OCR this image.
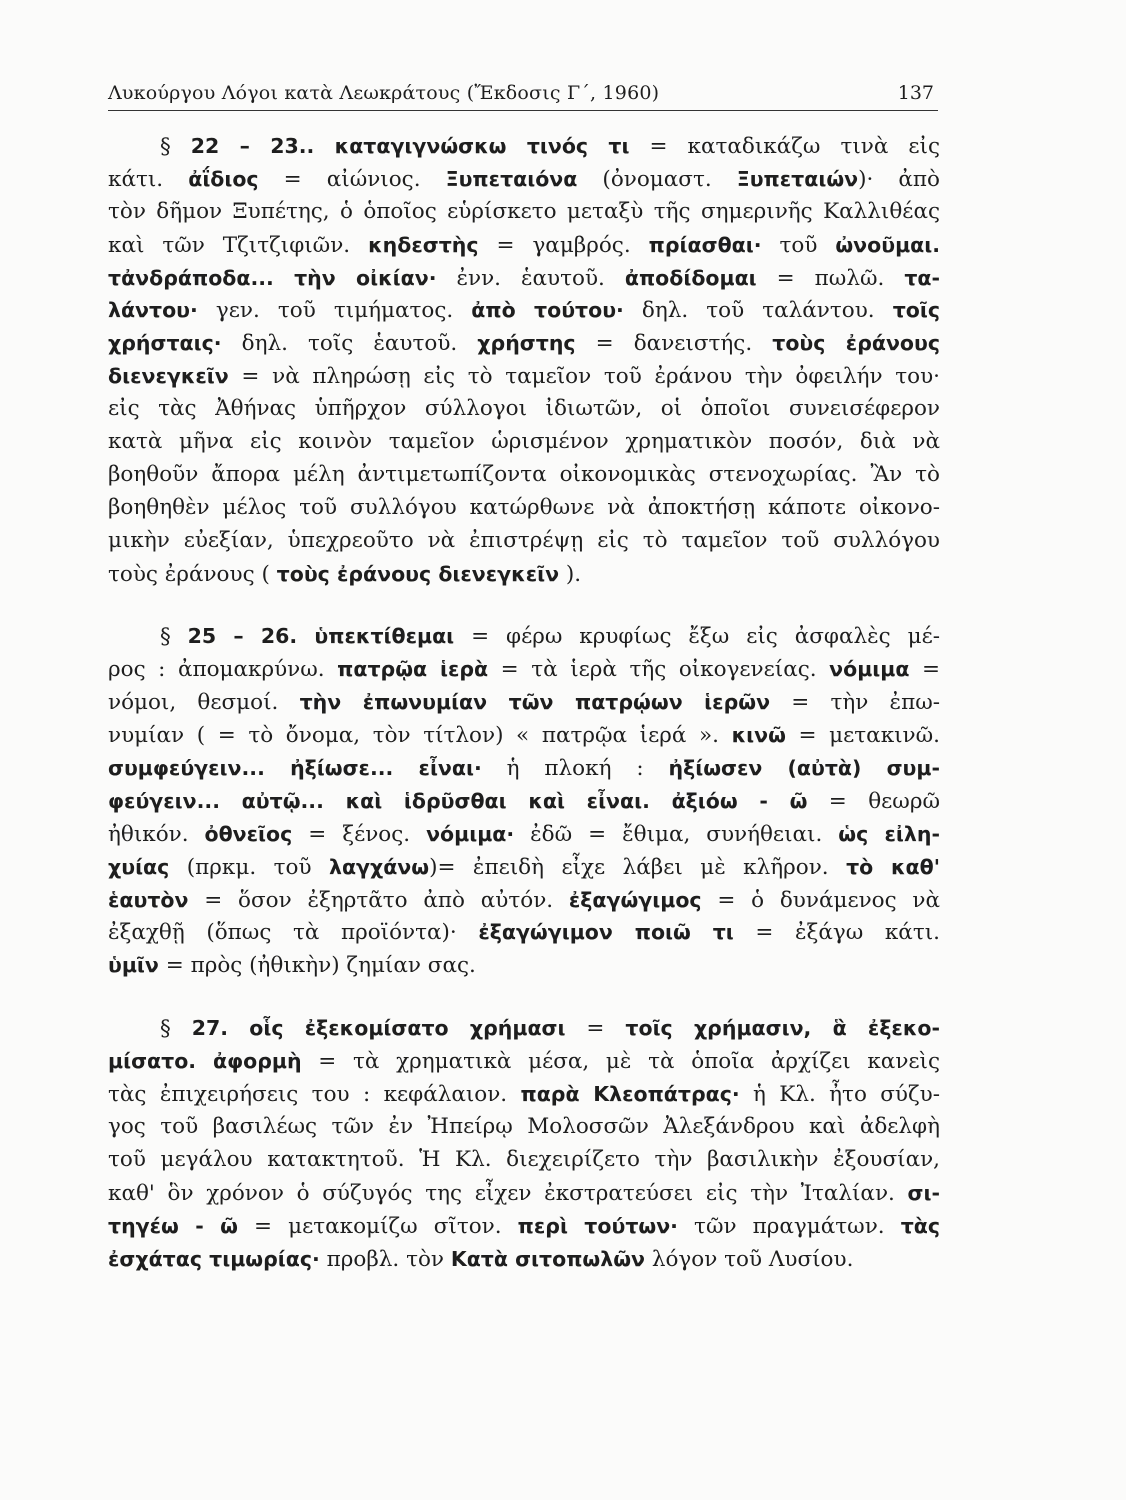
Λυκούργου Λόγοι κατὰ Λεωκράτους (Ἔκδοσις Γ΄, 1960)	137
§ 22 – 23.. καταγιγνώσκω τινός τι = καταδικάζω τινὰ εἰς
κάτι. ἀΐδιος = αἰώνιος. Ξυπεταιόνα (ὀνομαστ. Ξυπεταιών)· ἀπὸ
τὸν δῆμον Ξυπέτης, ὁ ὁποῖος εὑρίσκετο μεταξὺ τῆς σημερινῆς Καλλιθέας
καὶ τῶν Τζιτζιφιῶν. κηδεστὴς = γαμβρός. πρίασθαι· τοῦ ὠνοῦμαι.
τἀνδράποδα... τὴν οἰκίαν· ἐνν. ἑαυτοῦ. ἀποδίδομαι = πωλῶ. τα-
λάντου· γεν. τοῦ τιμήματος. ἀπὸ τούτου· δηλ. τοῦ ταλάντου. τοῖς
χρήσταις· δηλ. τοῖς ἑαυτοῦ. χρήστης = δανειστής. τοὺς ἐράνους
διενεγκεῖν = νὰ πληρώσῃ εἰς τὸ ταμεῖον τοῦ ἐράνου τὴν ὀφειλήν του·
εἰς τὰς Ἀθήνας ὑπῆρχον σύλλογοι ἰδιωτῶν, οἱ ὁποῖοι συνεισέφερον
κατὰ μῆνα εἰς κοινὸν ταμεῖον ὡρισμένον χρηματικὸν ποσόν, διὰ νὰ
βοηθοῦν ἄπορα μέλη ἀντιμετωπίζοντα οἰκονομικὰς στενοχωρίας. Ἂν τὸ
βοηθηθὲν μέλος τοῦ συλλόγου κατώρθωνε νὰ ἀποκτήσῃ κάποτε οἰκονο-
μικὴν εὐεξίαν, ὑπεχρεοῦτο νὰ ἐπιστρέψῃ εἰς τὸ ταμεῖον τοῦ συλλόγου
τοὺς ἐράνους ( τοὺς ἐράνους διενεγκεῖν ).
§ 25 – 26. ὑπεκτίθεμαι = φέρω κρυφίως ἔξω εἰς ἀσφαλὲς μέ-
ρος : ἀπομακρύνω. πατρῷα ἱερὰ = τὰ ἱερὰ τῆς οἰκογενείας. νόμιμα =
νόμοι, θεσμοί. τὴν ἐπωνυμίαν τῶν πατρῴων ἱερῶν = τὴν ἐπω-
νυμίαν ( = τὸ ὄνομα, τὸν τίτλον) « πατρῷα ἱερά ». κινῶ = μετακινῶ.
συμφεύγειν... ἠξίωσε... εἶναι· ἡ πλοκή : ἠξίωσεν (αὐτὰ) συμ-
φεύγειν... αὐτῷ... καὶ ἱδρῦσθαι καὶ εἶναι. ἀξιόω - ῶ = θεωρῶ
ἠθικόν. ὀθνεῖος = ξένος. νόμιμα· ἐδῶ = ἔθιμα, συνήθειαι. ὡς εἰλη-
χυίας (πρκμ. τοῦ λαγχάνω)= ἐπειδὴ εἶχε λάβει μὲ κλῆρον. τὸ καθ'
ἑαυτὸν = ὅσον ἐξηρτᾶτο ἀπὸ αὐτόν. ἐξαγώγιμος = ὁ δυνάμενος νὰ
ἐξαχθῇ (ὅπως τὰ προϊόντα)· ἐξαγώγιμον ποιῶ τι = ἐξάγω κάτι.
ὑμῖν = πρὸς (ἠθικὴν) ζημίαν σας.
§ 27. οἷς ἐξεκομίσατο χρήμασι = τοῖς χρήμασιν, ἃ ἐξεκο-
μίσατο. ἀφορμὴ = τὰ χρηματικὰ μέσα, μὲ τὰ ὁποῖα ἀρχίζει κανεὶς
τὰς ἐπιχειρήσεις του : κεφάλαιον. παρὰ Κλεοπάτρας· ἡ Κλ. ἦτο σύζυ-
γος τοῦ βασιλέως τῶν ἐν Ἠπείρῳ Μολοσσῶν Ἀλεξάνδρου καὶ ἀδελφὴ
τοῦ μεγάλου κατακτητοῦ. Ἡ Κλ. διεχειρίζετο τὴν βασιλικὴν ἐξουσίαν,
καθ' ὃν χρόνον ὁ σύζυγός της εἶχεν ἐκστρατεύσει εἰς τὴν Ἰταλίαν. σι-
τηγέω - ῶ = μετακομίζω σῖτον. περὶ τούτων· τῶν πραγμάτων. τὰς
ἐσχάτας τιμωρίας· προβλ. τὸν Κατὰ σιτοπωλῶν λόγον τοῦ Λυσίου.
